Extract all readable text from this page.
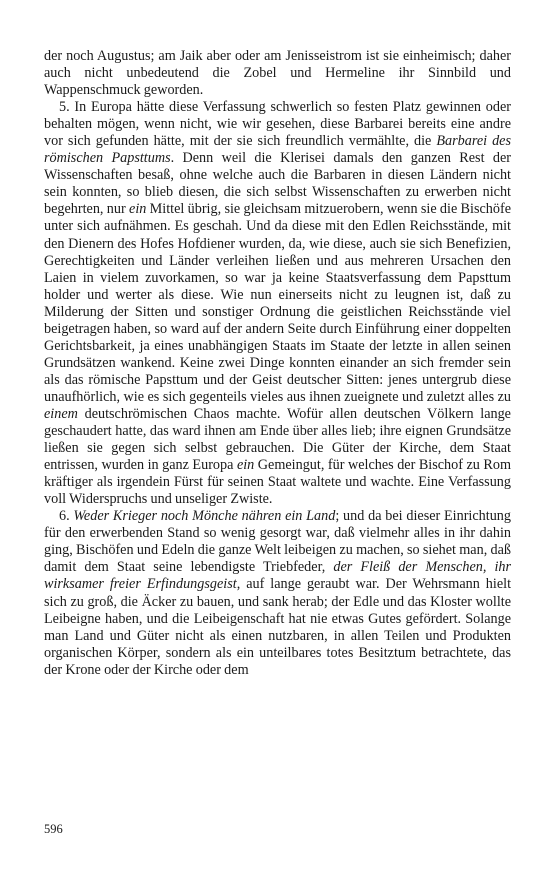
der noch Augustus; am Jaik aber oder am Jenisseistrom ist sie einheimisch; daher auch nicht unbedeutend die Zobel und Hermeline ihr Sinnbild und Wappenschmuck geworden.

5. In Europa hätte diese Verfassung schwerlich so festen Platz gewinnen oder behalten mögen, wenn nicht, wie wir gesehen, diese Barbarei bereits eine andre vor sich gefunden hätte, mit der sie sich freundlich vermählte, die Barbarei des römischen Papsttums. Denn weil die Klerisei damals den ganzen Rest der Wissenschaften besaß, ohne welche auch die Barbaren in diesen Ländern nicht sein konnten, so blieb diesen, die sich selbst Wissenschaften zu erwerben nicht begehrten, nur ein Mittel übrig, sie gleichsam mitzuerobern, wenn sie die Bischöfe unter sich aufnähmen. Es geschah. Und da diese mit den Edlen Reichsstände, mit den Dienern des Hofes Hofdiener wurden, da, wie diese, auch sie sich Benefizien, Gerechtigkeiten und Länder verleihen ließen und aus mehreren Ursachen den Laien in vielem zuvorkamen, so war ja keine Staatsverfassung dem Papsttum holder und werter als diese. Wie nun einerseits nicht zu leugnen ist, daß zu Milderung der Sitten und sonstiger Ordnung die geistlichen Reichsstände viel beigetragen haben, so ward auf der andern Seite durch Einführung einer doppelten Gerichtsbarkeit, ja eines unabhängigen Staats im Staate der letzte in allen seinen Grundsätzen wankend. Keine zwei Dinge konnten einander an sich fremder sein als das römische Papsttum und der Geist deutscher Sitten: jenes untergrub diese unaufhörlich, wie es sich gegenteils vieles aus ihnen zueignete und zuletzt alles zu einem deutschrömischen Chaos machte. Wofür allen deutschen Völkern lange geschaudert hatte, das ward ihnen am Ende über alles lieb; ihre eignen Grundsätze ließen sie gegen sich selbst gebrauchen. Die Güter der Kirche, dem Staat entrissen, wurden in ganz Europa ein Gemeingut, für welches der Bischof zu Rom kräftiger als irgendein Fürst für seinen Staat waltete und wachte. Eine Verfassung voll Widerspruchs und unseliger Zwiste.

6. Weder Krieger noch Mönche nähren ein Land; und da bei dieser Einrichtung für den erwerbenden Stand so wenig gesorgt war, daß vielmehr alles in ihr dahin ging, Bischöfen und Edeln die ganze Welt leibeigen zu machen, so siehet man, daß damit dem Staat seine lebendigste Triebfeder, der Fleiß der Menschen, ihr wirksamer freier Erfindungsgeist, auf lange geraubt war. Der Wehrsmann hielt sich zu groß, die Äcker zu bauen, und sank herab; der Edle und das Kloster wollte Leibeigne haben, und die Leibeigenschaft hat nie etwas Gutes gefördert. Solange man Land und Güter nicht als einen nutzbaren, in allen Teilen und Produkten organischen Körper, sondern als ein unteilbares totes Besitztum betrachtete, das der Krone oder der Kirche oder dem

596
